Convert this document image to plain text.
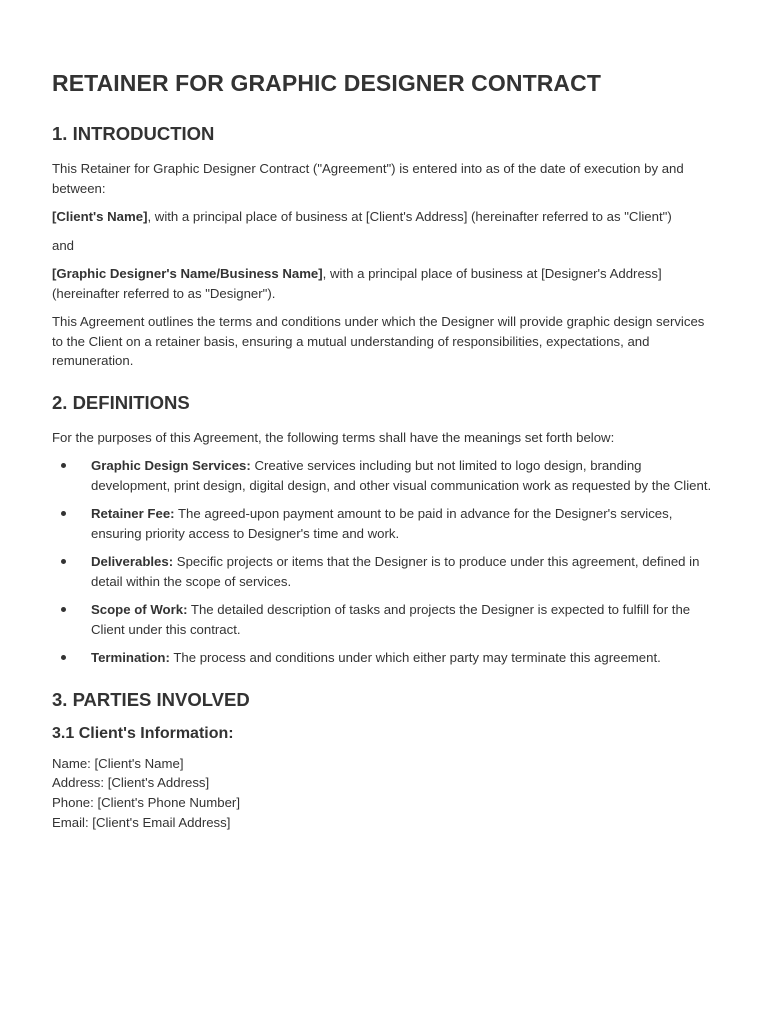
RETAINER FOR GRAPHIC DESIGNER CONTRACT
1. INTRODUCTION

This Retainer for Graphic Designer Contract ("Agreement") is entered into as of the date of execution by and between:

[Client's Name], with a principal place of business at [Client's Address] (hereinafter referred to as "Client")

and

[Graphic Designer's Name/Business Name], with a principal place of business at [Designer's Address] (hereinafter referred to as "Designer").

This Agreement outlines the terms and conditions under which the Designer will provide graphic design services to the Client on a retainer basis, ensuring a mutual understanding of responsibilities, expectations, and remuneration.

2. DEFINITIONS

For the purposes of this Agreement, the following terms shall have the meanings set forth below:

Graphic Design Services: Creative services including but not limited to logo design, branding development, print design, digital design, and other visual communication work as requested by the Client.
Retainer Fee: The agreed-upon payment amount to be paid in advance for the Designer's services, ensuring priority access to Designer's time and work.
Deliverables: Specific projects or items that the Designer is to produce under this agreement, defined in detail within the scope of services.
Scope of Work: The detailed description of tasks and projects the Designer is expected to fulfill for the Client under this contract.
Termination: The process and conditions under which either party may terminate this agreement.
3. PARTIES INVOLVED
3.1 Client's Information:
Name: [Client's Name]
Address: [Client's Address]
Phone: [Client's Phone Number]
Email: [Client's Email Address]
